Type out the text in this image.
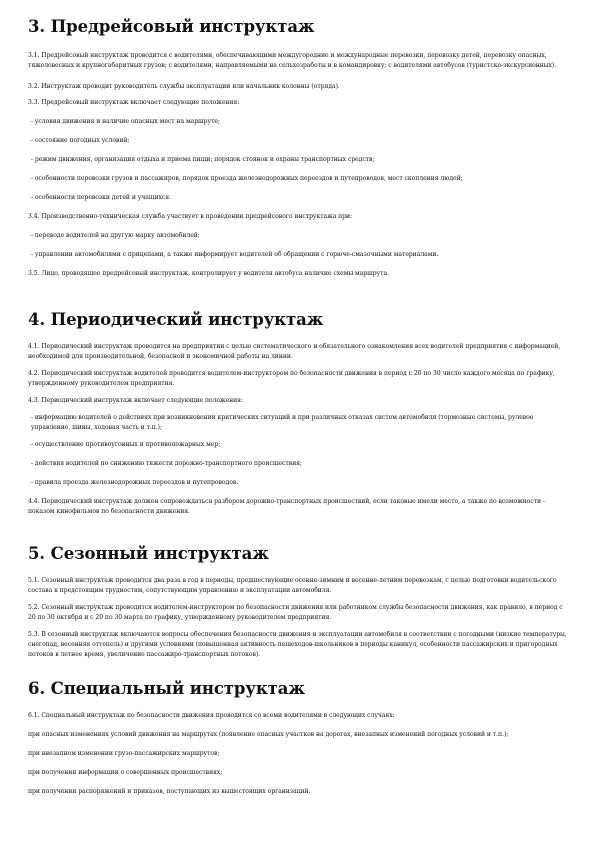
3. Предрейсовый инструктаж

3.1. Предрейсовый инструктаж проводится с водителями, обеспечивающими междугородние и международные перевозки, перевозку детей, перевозку опасных, тяжеловесных и крупногабаритных грузов; с водителями, направляемыми на сельхозработы и в командировку; с водителями автобусов (туристско-экскурсионных).

3.2. Инструктаж проводит руководитель службы эксплуатации или начальник колонны (отряда).

3.3. Предрейсовый инструктаж включает следующие положения:

- условия движения и наличие опасных мест на маршруте;

- состояние погодных условий;

- режим движения, организация отдыха и приема пищи; порядок стоянок и охраны транспортных средств;

- особенности перевозки грузов и пассажиров, порядок проезда железнодорожных переездов и путепроводов, мест скопления людей;

- особенности перевозки детей и учащихся.

3.4. Производственно-техническая служба участвует в проведении предрейсового инструктажа при:

- переводе водителей на другую марку автомобилей;

- управлении автомобилями с прицепами, а также информирует водителей об обращении с горюче-смазочными материалами.

3.5. Лицо, проводящее предрейсовый инструктаж, контролирует у водителя автобуса наличие схемы маршрута.

4. Периодический инструктаж

4.1. Периодический инструктаж проводится на предприятии с целью систематического и обязательного ознакомления всех водителей предприятия с информацией, необходимой для производительной, безопасной и экономичной работы на линии.

4.2. Периодический инструктаж водителей проводится водителем-инструктором по безопасности движения в период с 20 по 30 число каждого месяца по графику, утвержденному руководителем предприятия.

4.3. Периодический инструктаж включает следующие положения:

- информацию водителей о действиях при возникновении критических ситуаций и при различных отказах систем автомобиля (тормозные системы, рулевое управление, шины, ходовая часть и т.п.);

- осуществление противоугонных и противопожарных мер;

- действия водителей по снижению тяжести дорожно-транспортного происшествия;

- правила проезда железнодорожных переездов и путепроводов.

4.4. Периодический инструктаж должен сопровождаться разбором дорожно-транспортных происшествий, если таковые имели место, а также по возможности - показом кинофильмов по безопасности движения.

5. Сезонный инструктаж

5.1. Сезонный инструктаж проводится два раза в год в периоды, предшествующие осенне-зимним и весенне-летним перевозкам, с целью подготовки водительского состава к предстоящим трудностям, сопутствующим управлению и эксплуатации автомобиля.

5.2. Сезонный инструктаж проводится водителем-инструктором по безопасности движения или работником службы безопасности движения, как правило, в период с 20 по 30 октября и с 20 по 30 марта по графику, утвержденному руководителем предприятия.

5.3. В сезонный инструктаж включаются вопросы обеспечения безопасности движения и эксплуатации автомобиля в соответствии с погодными (низкие температуры, снегопад, весенняя оттепель) и другими условиями (повышенная активность пешеходов-школьников в периоды каникул, особенности пассажирских и пригородных потоков в летнее время, увеличение пассажиро-транспортных потоков).

6. Специальный инструктаж

6.1. Специальный инструктаж по безопасности движения проводится со всеми водителями в следующих случаях:

при опасных изменениях условий движения на маршрутах (появление опасных участков на дорогах, внезапных изменений погодных условий и т.п.);

при внезапном изменении грузо-пассажирских маршрутов;

при получении информации о совершенных происшествиях;

при получении распоряжений и приказов, поступающих из вышестоящих организаций.
